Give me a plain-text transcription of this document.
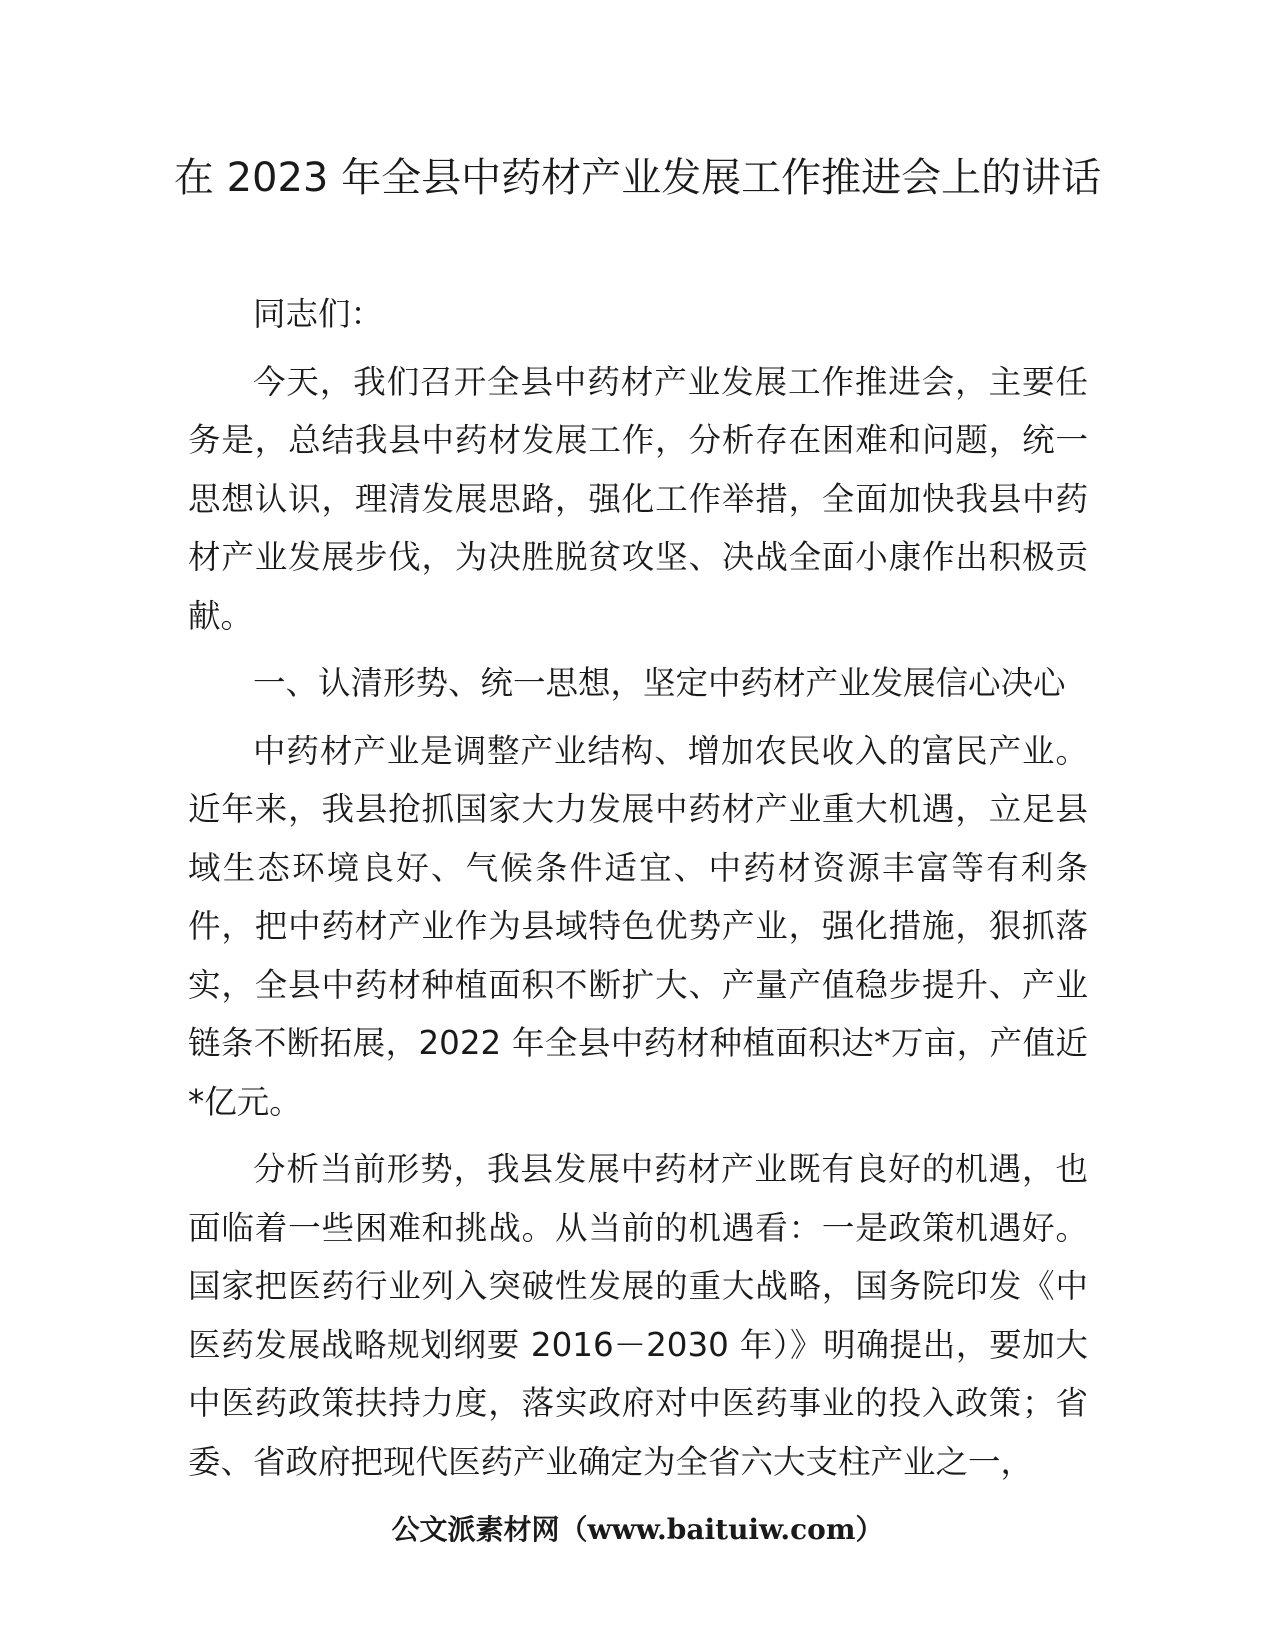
在 2023 年全县中药材产业发展工作推进会上的讲话

同志们：

今天，我们召开全县中药材产业发展工作推进会，主要任务是，总结我县中药材发展工作，分析存在困难和问题，统一思想认识，理清发展思路，强化工作举措，全面加快我县中药材产业发展步伐，为决胜脱贫攻坚、决战全面小康作出积极贡献。

一、认清形势、统一思想，坚定中药材产业发展信心决心

中药材产业是调整产业结构、增加农民收入的富民产业。近年来，我县抢抓国家大力发展中药材产业重大机遇，立足县域生态环境良好、气候条件适宜、中药材资源丰富等有利条件，把中药材产业作为县域特色优势产业，强化措施，狠抓落实，全县中药材种植面积不断扩大、产量产值稳步提升、产业链条不断拓展，2022 年全县中药材种植面积达*万亩，产值近*亿元。

分析当前形势，我县发展中药材产业既有良好的机遇，也面临着一些困难和挑战。从当前的机遇看：一是政策机遇好。国家把医药行业列入突破性发展的重大战略，国务院印发《中医药发展战略规划纲要 2016－2030 年）》明确提出，要加大中医药政策扶持力度，落实政府对中医药事业的投入政策；省委、省政府把现代医药产业确定为全省六大支柱产业之一，

公文派素材网（www.baituiw.com）
